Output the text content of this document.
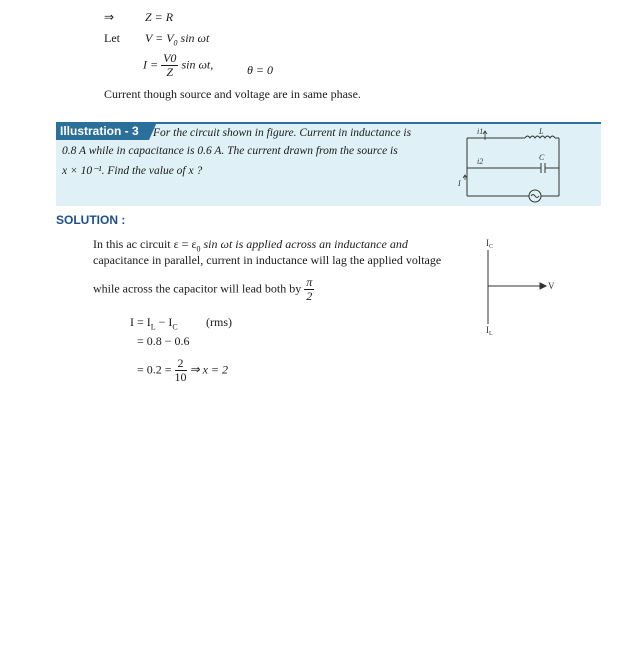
⇒	Z = R
Let $V = V_0$ sin ωt
$I = \frac{V0}{Z}$ sin ωt,	θ = 0
Current though source and voltage are in same phase.
Illustration - 3	For the circuit shown in figure. Current in inductance is
0.8 A while in capacitance is 0.6 A. The current drawn from the source is
x × 10⁻¹. Find the value of x ?
i1
i2
L
C
I
SOLUTION :
In this ac circuit $\varepsilon = \varepsilon_0$ sin ωt is applied across an inductance and
capacitance in parallel, current in inductance will lag the applied voltage
while across the capacitor will lead both by $\frac{\pi}{2}$
$I = I_L - I_C$ (rms)
= 0.8 − 0.6
= $0.2 = \frac{2}{10}$ ⇒ x = 2
$I_C$
$I_L$
V
